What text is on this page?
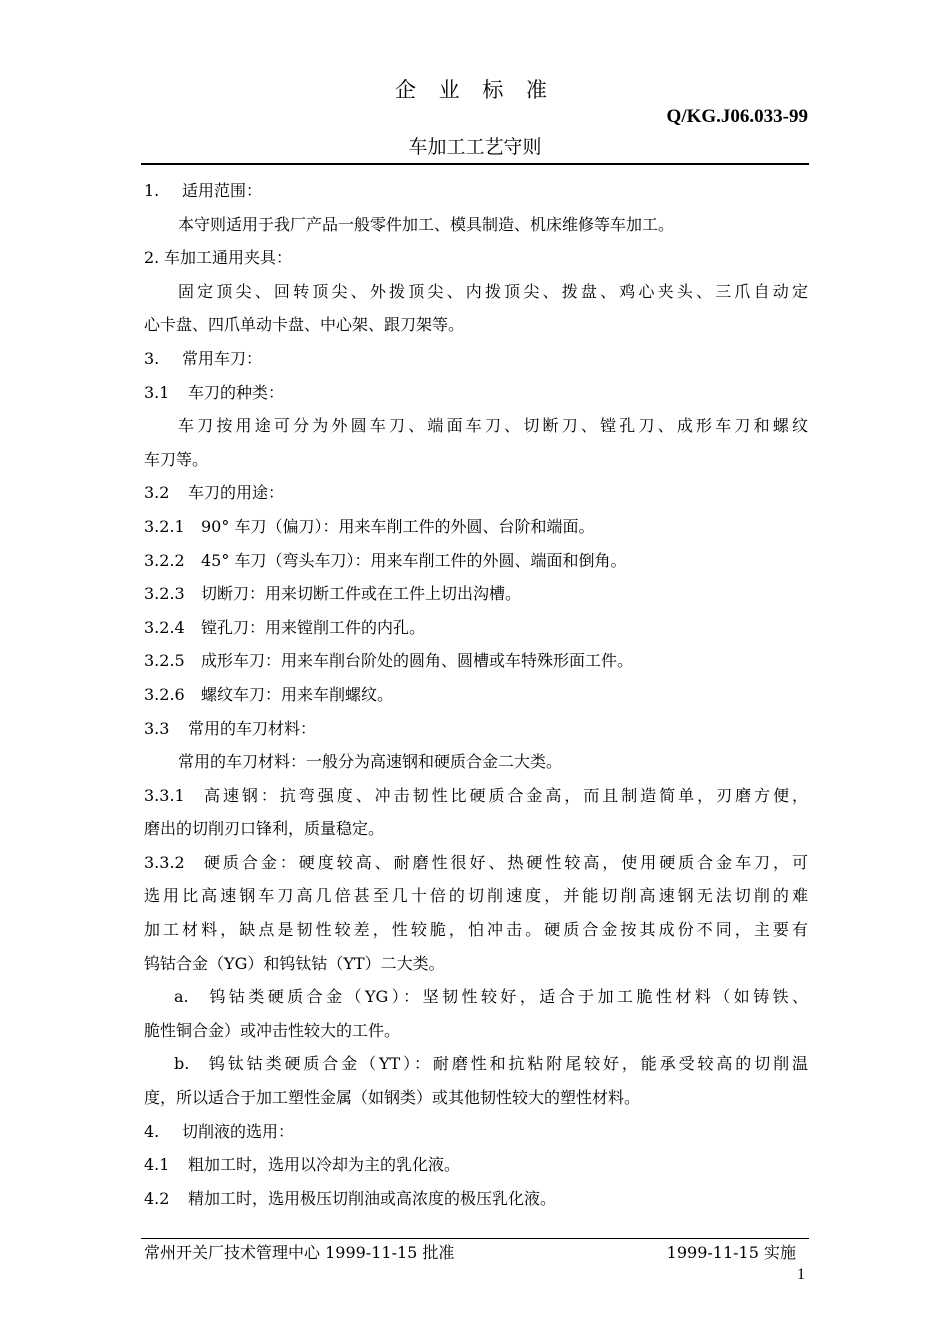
企 业 标 准
Q/KG.J06.033-99
车加工工艺守则
1. 适用范围：
本守则适用于我厂产品一般零件加工、模具制造、机床维修等车加工。
2. 车加工通用夹具：
固定顶尖、回转顶尖、外拨顶尖、内拨顶尖、拨盘、鸡心夹头、三爪自动定
心卡盘、四爪单动卡盘、中心架、跟刀架等。
3. 常用车刀：
3.1 车刀的种类：
车刀按用途可分为外圆车刀、端面车刀、切断刀、镗孔刀、成形车刀和螺纹
车刀等。
3.2 车刀的用途：
3.2.1 90° 车刀（偏刀）：用来车削工件的外圆、台阶和端面。
3.2.2 45° 车刀（弯头车刀）：用来车削工件的外圆、端面和倒角。
3.2.3 切断刀：用来切断工件或在工件上切出沟槽。
3.2.4 镗孔刀：用来镗削工件的内孔。
3.2.5 成形车刀：用来车削台阶处的圆角、圆槽或车特殊形面工件。
3.2.6 螺纹车刀：用来车削螺纹。
3.3 常用的车刀材料：
常用的车刀材料：一般分为高速钢和硬质合金二大类。
3.3.1 高速钢：抗弯强度、冲击韧性比硬质合金高，而且制造简单，刃磨方便，
磨出的切削刃口锋利，质量稳定。
3.3.2 硬质合金：硬度较高、耐磨性很好、热硬性较高，使用硬质合金车刀，可
选用比高速钢车刀高几倍甚至几十倍的切削速度，并能切削高速钢无法切削的难
加工材料，缺点是韧性较差，性较脆，怕冲击。硬质合金按其成份不同，主要有
钨钴合金（YG）和钨钛钴（YT）二大类。
a. 钨钴类硬质合金（YG）：坚韧性较好，适合于加工脆性材料（如铸铁、
脆性铜合金）或冲击性较大的工件。
b. 钨钛钴类硬质合金（YT）：耐磨性和抗粘附尾较好，能承受较高的切削温
度，所以适合于加工塑性金属（如钢类）或其他韧性较大的塑性材料。
4. 切削液的选用：
4.1 粗加工时，选用以冷却为主的乳化液。
4.2 精加工时，选用极压切削油或高浓度的极压乳化液。
常州开关厂技术管理中心 1999-11-15 批准	1999-11-15 实施
1
